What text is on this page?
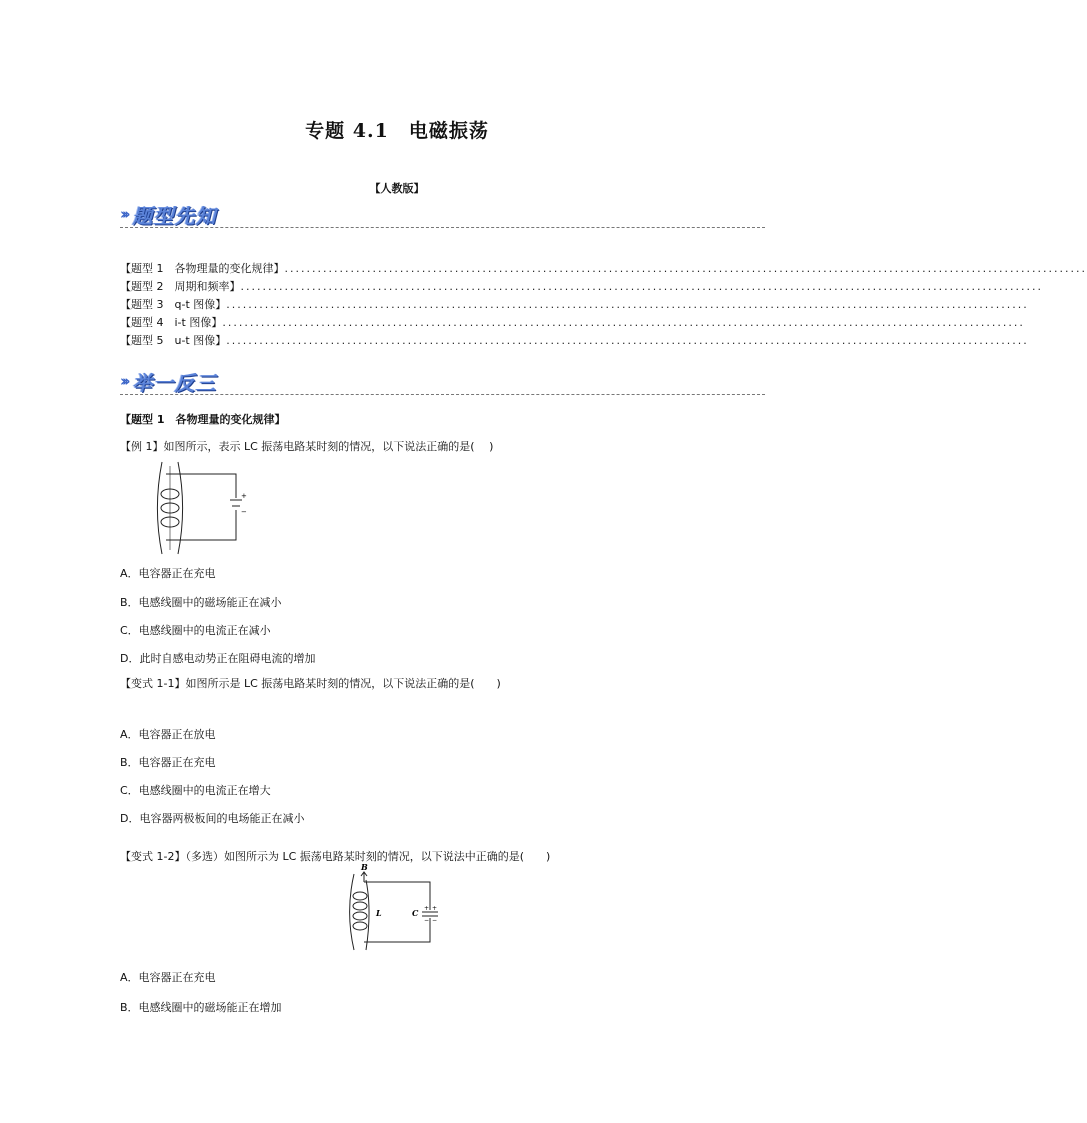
专题 4.1　电磁振荡
【人教版】
››› 题型先知
【题型 1　各物理量的变化规律】 ..................................................................................................................................................
【题型 2　周期和频率】 ..................................................................................................................................................
【题型 3　q-t 图像】 ..................................................................................................................................................
【题型 4　i-t 图像】 ..................................................................................................................................................
【题型 5　u-t 图像】 ..................................................................................................................................................
››› 举一反三
【题型 1　各物理量的变化规律】
【例 1】如图所示，表示 LC 振荡电路某时刻的情况，以下说法正确的是(　 )
+
−
A．电容器正在充电
B．电感线圈中的磁场能正在减小
C．电感线圈中的电流正在减小
D．此时自感电动势正在阻碍电流的增加
【变式 1-1】如图所示是 LC 振荡电路某时刻的情况，以下说法正确的是(　　)
A．电容器正在放电
B．电容器正在充电
C．电感线圈中的电流正在增大
D．电容器两极板间的电场能正在减小
【变式 1-2】（多选）如图所示为 LC 振荡电路某时刻的情况，以下说法中正确的是(　　)
B
+ +
− −
C
L
A．电容器正在充电
B．电感线圈中的磁场能正在增加
